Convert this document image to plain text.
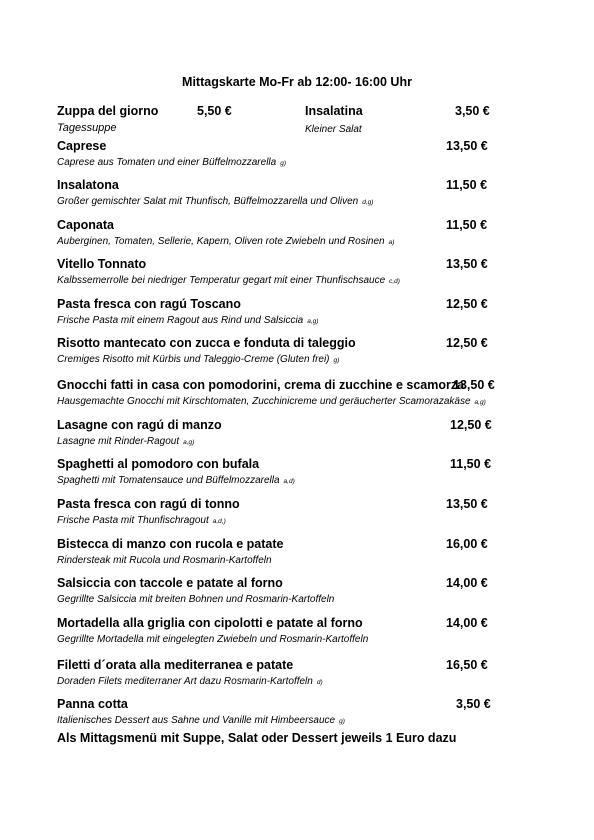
Mittagskarte Mo-Fr ab 12:00- 16:00 Uhr
Zuppa del giorno	5,50 €
Tagessuppe
Insalatina	3,50 €
Kleiner Salat
Caprese	13,50 €
Caprese aus Tomaten und einer Büffelmozzarella g)
Insalatona	11,50 €
Großer gemischter Salat mit Thunfisch, Büffelmozzarella und Oliven d,g)
Caponata	11,50 €
Auberginen, Tomaten, Sellerie, Kapern, Oliven rote Zwiebeln und Rosinen a)
Vitello Tonnato	13,50 €
Kalbssemerrolle bei niedriger Temperatur gegart mit einer Thunfischsauce c,d)
Pasta fresca con ragú Toscano	12,50 €
Frische Pasta mit einem Ragout aus Rind und Salsiccia a,g)
Risotto mantecato con zucca e fonduta di taleggio	12,50 €
Cremiges Risotto mit Kürbis und Taleggio-Creme (Gluten frei) g)
Gnocchi fatti in casa con pomodorini, crema di zucchine e scamorza
13,50 €
Hausgemachte Gnocchi mit Kirschtomaten, Zucchinicreme und geräucherter Scamorazakäse a,g)
Lasagne con ragú di manzo	12,50 €
Lasagne mit Rinder-Ragout a,g)
Spaghetti al pomodoro con bufala	11,50 €
Spaghetti mit Tomatensauce und Büffelmozzarella a,d)
Pasta fresca con ragú di tonno	13,50 €
Frische Pasta mit Thunfischragout a,d,)
Bistecca di manzo con rucola e patate	16,00 €
Rindersteak mit Rucola und Rosmarin-Kartoffeln
Salsiccia con taccole e patate al forno	14,00 €
Gegrillte Salsiccia mit breiten Bohnen und Rosmarin-Kartoffeln
Mortadella alla griglia con cipolotti e patate al forno	14,00 €
Gegrillte Mortadella mit eingelegten Zwiebeln und Rosmarin-Kartoffeln
Filetti d´orata alla mediterranea e patate	16,50 €
Doraden Filets mediterraner Art dazu Rosmarin-Kartoffeln d)
Panna cotta	3,50 €
Italienisches Dessert aus Sahne und Vanille mit Himbeersauce g)
Als Mittagsmenü mit Suppe, Salat oder Dessert jeweils 1 Euro dazu
